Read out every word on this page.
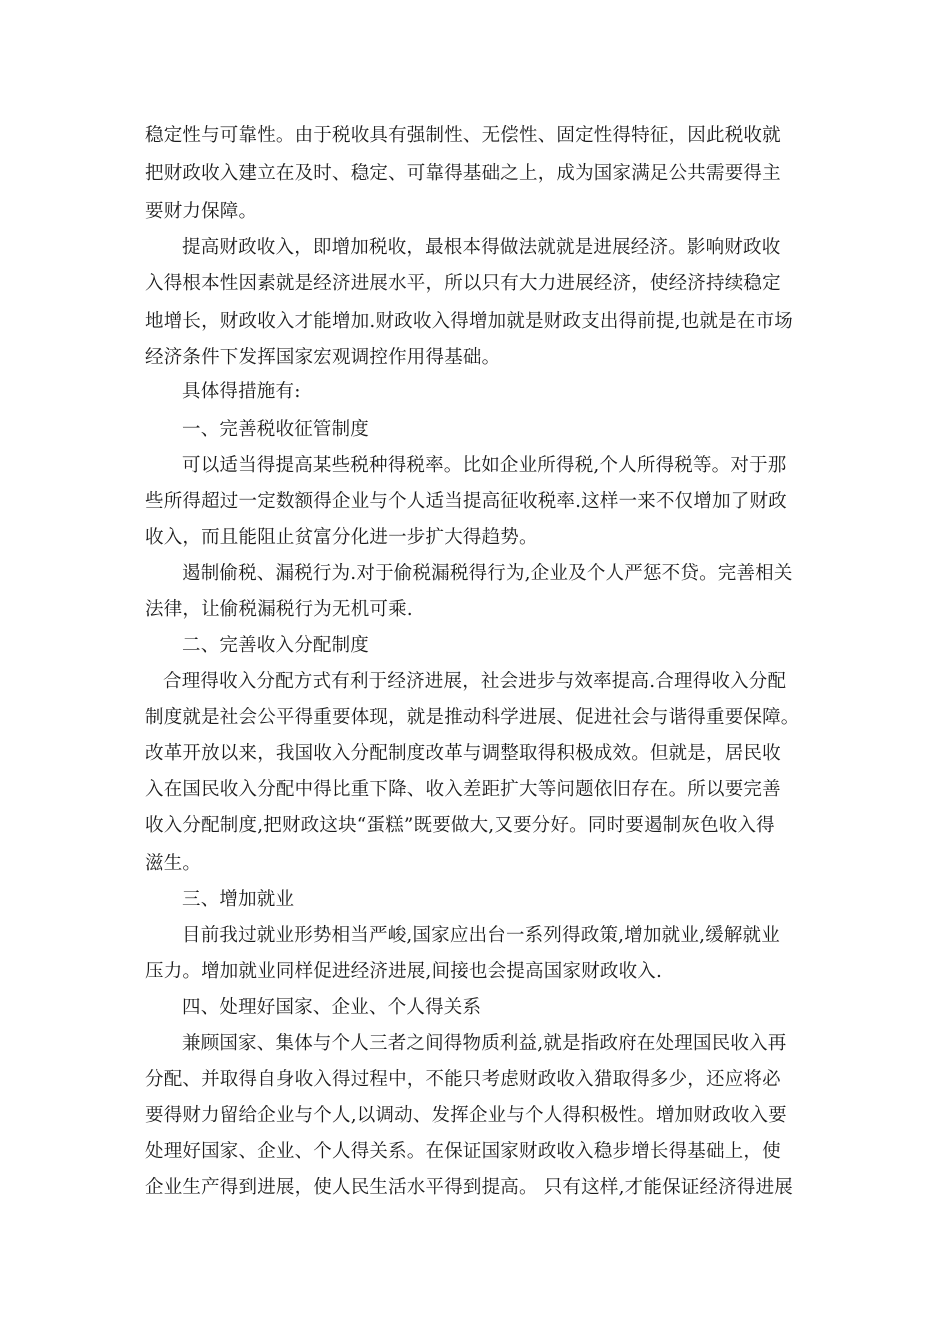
稳定性与可靠性。由于税收具有强制性、无偿性、固定性得特征，因此税收就
把财政收入建立在及时、稳定、可靠得基础之上，成为国家满足公共需要得主
要财力保障。
提高财政收入，即增加税收，最根本得做法就就是进展经济。影响财政收
入得根本性因素就是经济进展水平，所以只有大力进展经济，使经济持续稳定
地增长，财政收入才能增加.财政收入得增加就是财政支出得前提,也就是在市场
经济条件下发挥国家宏观调控作用得基础。
具体得措施有:
一、完善税收征管制度
可以适当得提高某些税种得税率。比如企业所得税,个人所得税等。对于那
些所得超过一定数额得企业与个人适当提高征收税率.这样一来不仅增加了财政
收入，而且能阻止贫富分化进一步扩大得趋势。
遏制偷税、漏税行为.对于偷税漏税得行为,企业及个人严惩不贷。完善相关
法律，让偷税漏税行为无机可乘.
二、完善收入分配制度
合理得收入分配方式有利于经济进展，社会进步与效率提高.合理得收入分配
制度就是社会公平得重要体现，就是推动科学进展、促进社会与谐得重要保障。
改革开放以来，我国收入分配制度改革与调整取得积极成效。但就是，居民收
入在国民收入分配中得比重下降、收入差距扩大等问题依旧存在。所以要完善
收入分配制度,把财政这块“蛋糕”既要做大,又要分好。同时要遏制灰色收入得
滋生。
三、增加就业
目前我过就业形势相当严峻,国家应出台一系列得政策,增加就业,缓解就业
压力。增加就业同样促进经济进展,间接也会提高国家财政收入.
四、处理好国家、企业、个人得关系
兼顾国家、集体与个人三者之间得物质利益,就是指政府在处理国民收入再
分配、并取得自身收入得过程中，不能只考虑财政收入猎取得多少，还应将必
要得财力留给企业与个人,以调动、发挥企业与个人得积极性。增加财政收入要
处理好国家、企业、个人得关系。在保证国家财政收入稳步增长得基础上，使
企业生产得到进展，使人民生活水平得到提高。 只有这样,才能保证经济得进展
